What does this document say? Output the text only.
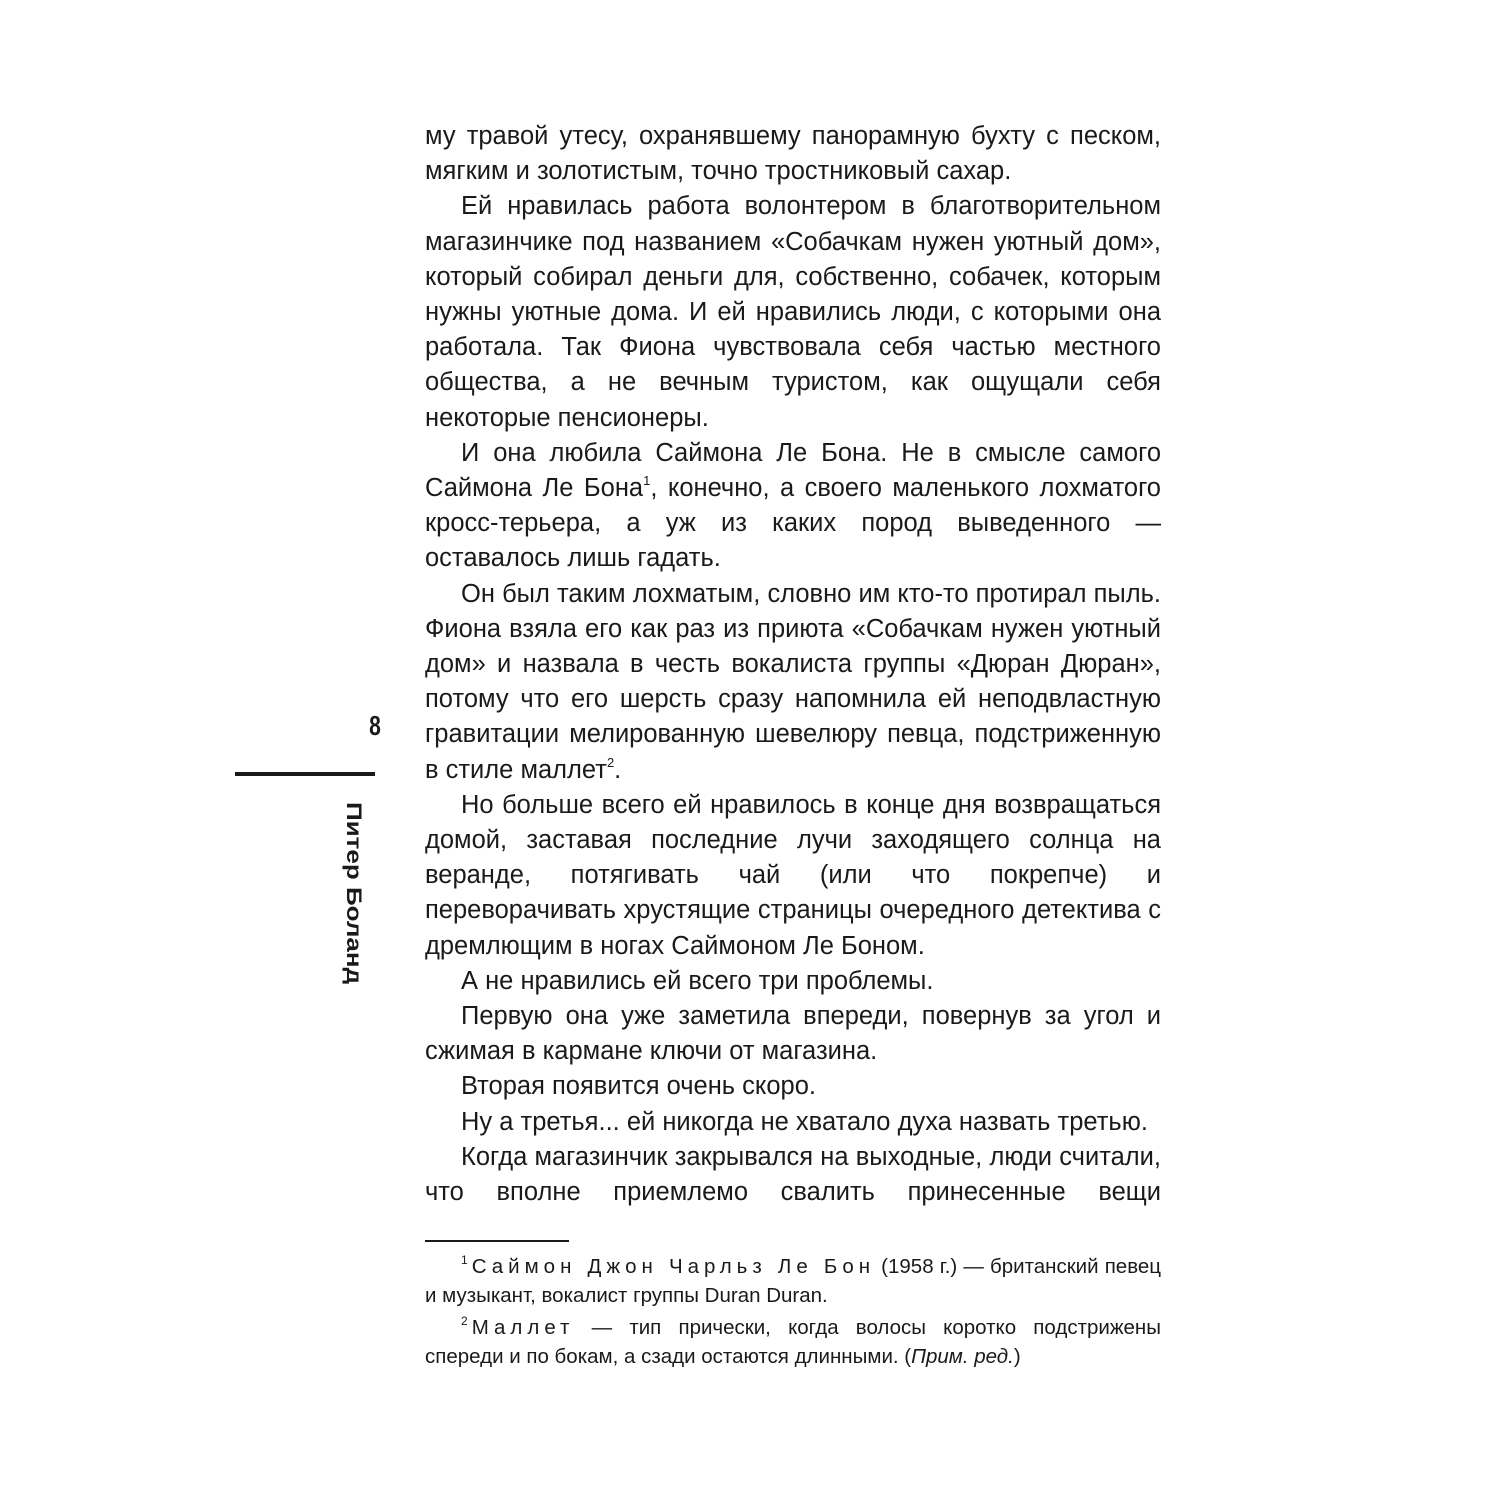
му травой утесу, охранявшему панорамную бухту с песком, мягким и золотистым, точно тростниковый сахар.

Ей нравилась работа волонтером в благотворительном магазинчике под названием «Собачкам нужен уютный дом», который собирал деньги для, собственно, собачек, которым нужны уютные дома. И ей нравились люди, с которыми она работала. Так Фиона чувствовала себя частью местного общества, а не вечным туристом, как ощущали себя некоторые пенсионеры.

И она любила Саймона Ле Бона. Не в смысле самого Саймона Ле Бона$^1$, конечно, а своего маленького лохматого кросс-терьера, а уж из каких пород выведенного — оставалось лишь гадать.

Он был таким лохматым, словно им кто-то протирал пыль. Фиона взяла его как раз из приюта «Собачкам нужен уютный дом» и назвала в честь вокалиста группы «Дюран Дюран», потому что его шерсть сразу напомнила ей неподвластную гравитации мелированную шевелюру певца, подстриженную в стиле маллет$^2$.

Но больше всего ей нравилось в конце дня возвращаться домой, заставая последние лучи заходящего солнца на веранде, потягивать чай (или что покрепче) и переворачивать хрустящие страницы очередного детектива с дремлющим в ногах Саймоном Ле Боном.

А не нравились ей всего три проблемы.

Первую она уже заметила впереди, повернув за угол и сжимая в кармане ключи от магазина.

Вторая появится очень скоро.

Ну а третья... ей никогда не хватало духа назвать третью.

Когда магазинчик закрывался на выходные, люди считали, что вполне приемлемо свалить принесенные вещи

$^1$ Саймон Джон Чарльз Ле Бон (1958 г.) — британский певец и музыкант, вокалист группы Duran Duran.

$^2$ Маллет — тип прически, когда волосы коротко подстрижены спереди и по бокам, а сзади остаются длинными. (Прим. ред.)

8
Питер Боланд
